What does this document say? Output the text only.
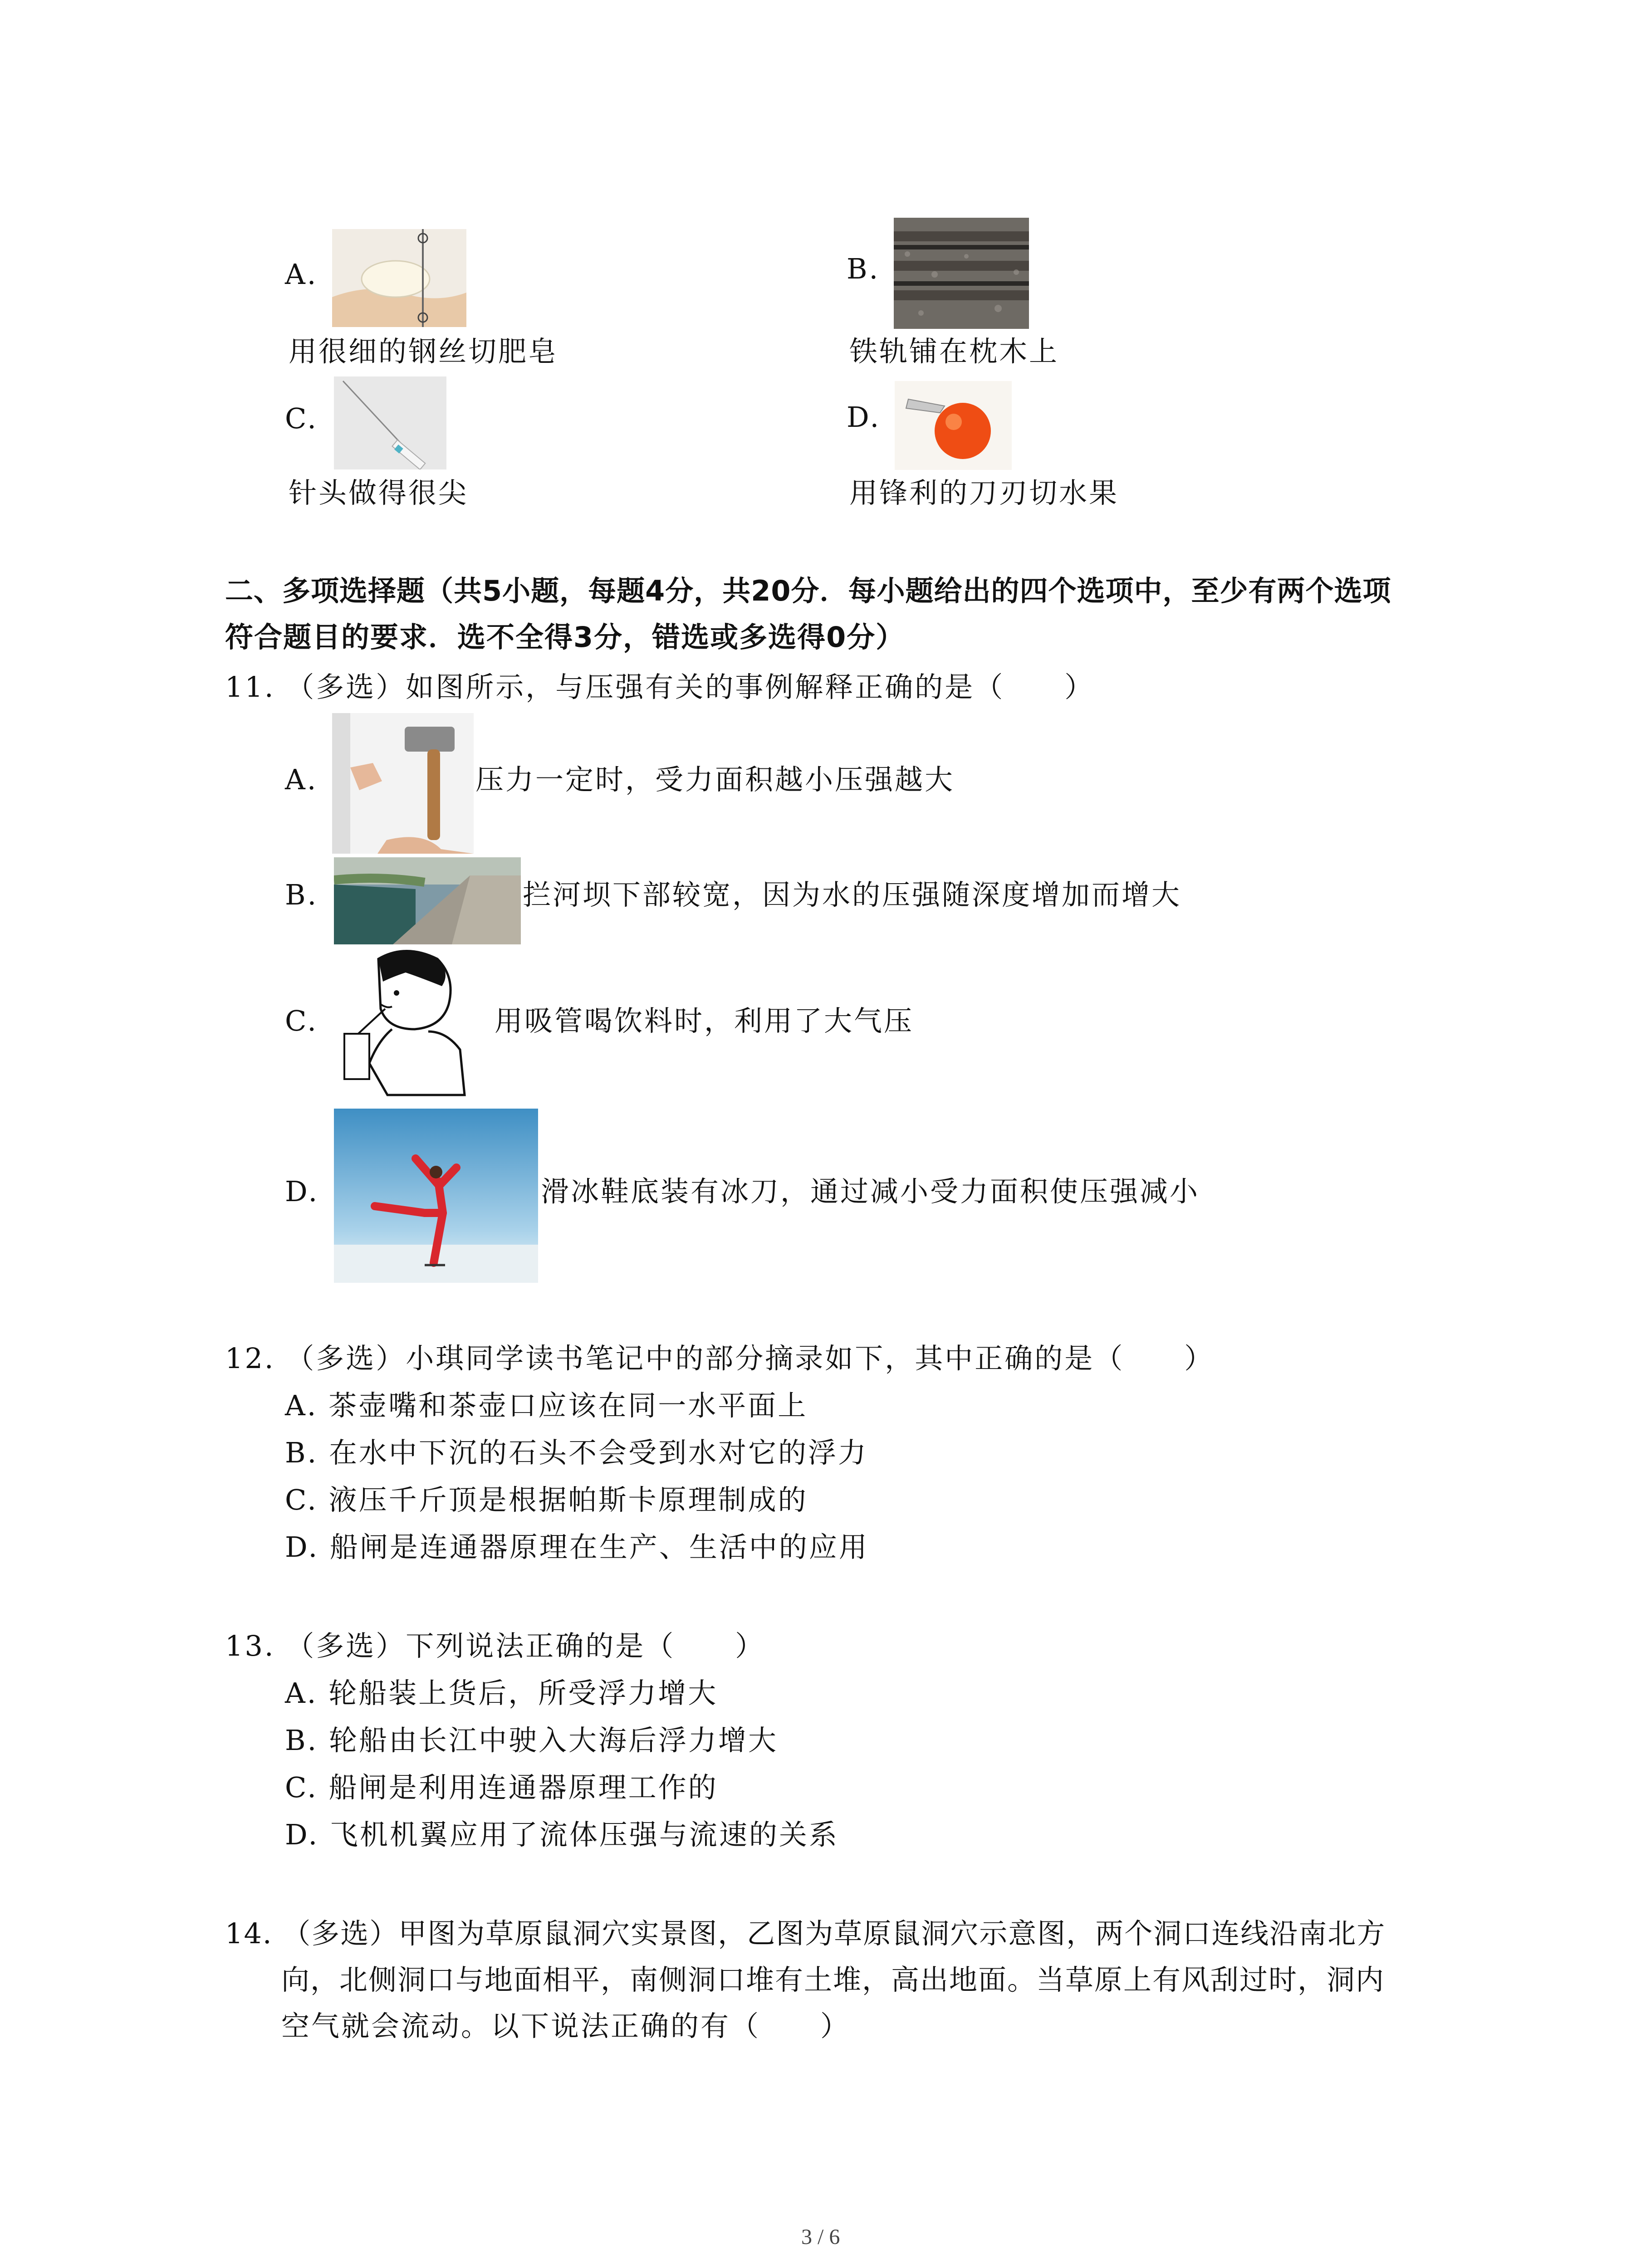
A.
用很细的钢丝切肥皂
B.
铁轨铺在枕木上
C.
针头做得很尖
D.
用锋利的刀刃切水果
二、多项选择题（共5小题，每题4分，共20分．每小题给出的四个选项中，至少有两个选项
符合题目的要求．选不全得3分，错选或多选得0分）
11. （多选）如图所示，与压强有关的事例解释正确的是（　　）
A.	压力一定时，受力面积越小压强越大
B.	拦河坝下部较宽，因为水的压强随深度增加而增大
C.	用吸管喝饮料时，利用了大气压
D.	滑冰鞋底装有冰刀，通过减小受力面积使压强减小
12. （多选）小琪同学读书笔记中的部分摘录如下，其中正确的是（　　）
A. 茶壶嘴和茶壶口应该在同一水平面上
B. 在水中下沉的石头不会受到水对它的浮力
C. 液压千斤顶是根据帕斯卡原理制成的
D. 船闸是连通器原理在生产、生活中的应用
13. （多选）下列说法正确的是（　　）
A. 轮船装上货后，所受浮力增大
B. 轮船由长江中驶入大海后浮力增大
C. 船闸是利用连通器原理工作的
D. 飞机机翼应用了流体压强与流速的关系
14. （多选）甲图为草原鼠洞穴实景图，乙图为草原鼠洞穴示意图，两个洞口连线沿南北方
向，北侧洞口与地面相平，南侧洞口堆有土堆，高出地面。当草原上有风刮过时，洞内
空气就会流动。以下说法正确的有（　　）
3 / 6
